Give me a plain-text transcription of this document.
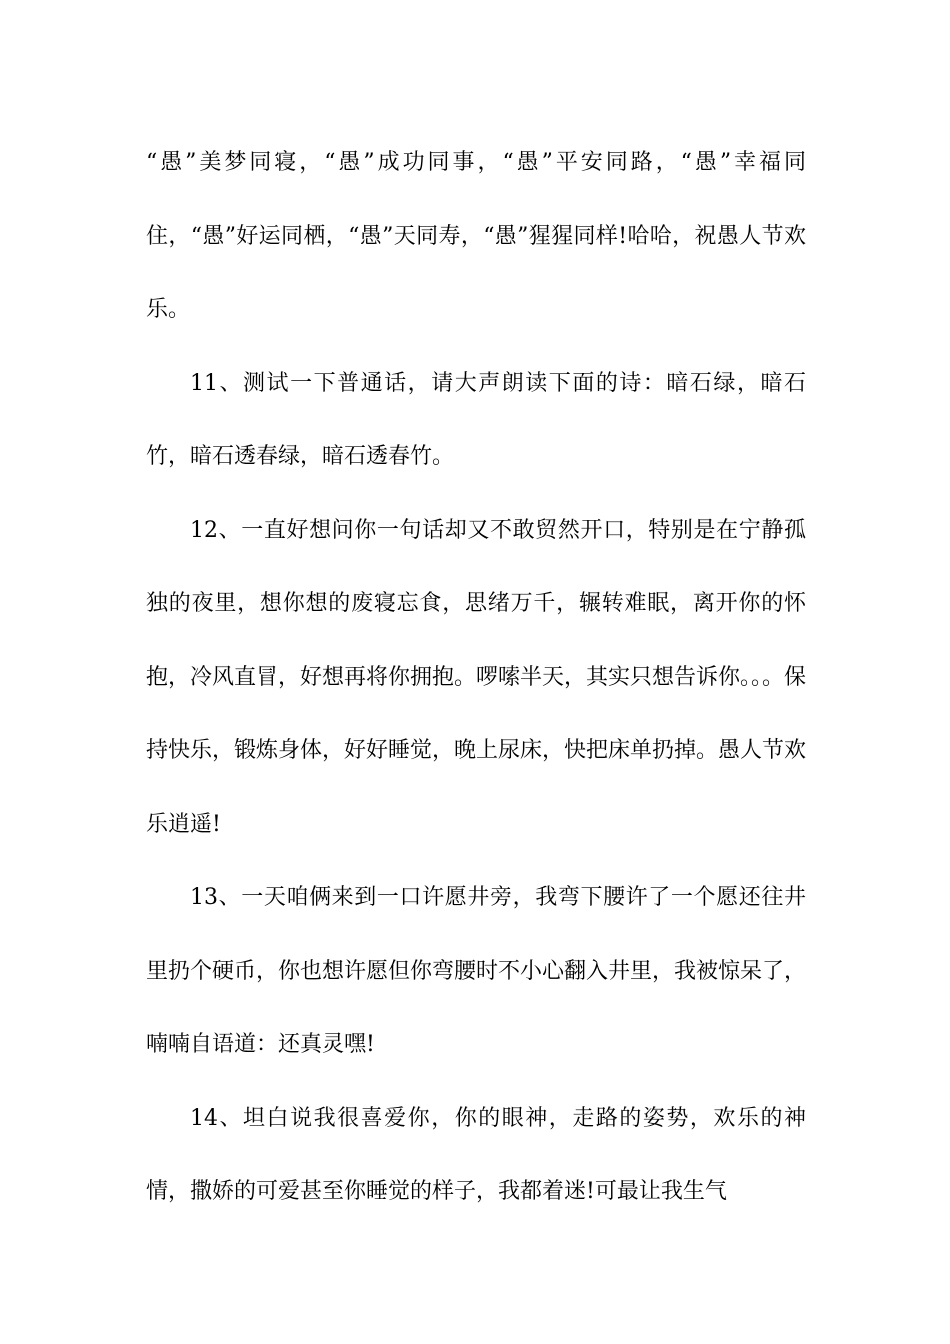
“愚”美梦同寝，“愚”成功同事，“愚”平安同路，“愚”幸福同住，“愚”好运同栖，“愚”天同寿，“愚”猩猩同样!哈哈，祝愚人节欢乐。

11、测试一下普通话，请大声朗读下面的诗：暗石绿，暗石竹，暗石透春绿，暗石透春竹。

12、一直好想问你一句话却又不敢贸然开口，特别是在宁静孤独的夜里，想你想的废寝忘食，思绪万千，辗转难眠，离开你的怀抱，冷风直冒，好想再将你拥抱。啰嗦半天，其实只想告诉你。。。保持快乐，锻炼身体，好好睡觉，晚上尿床，快把床单扔掉。愚人节欢乐逍遥!

13、一天咱俩来到一口许愿井旁，我弯下腰许了一个愿还往井里扔个硬币，你也想许愿但你弯腰时不小心翻入井里，我被惊呆了，喃喃自语道：还真灵嘿!

14、坦白说我很喜爱你，你的眼神，走路的姿势，欢乐的神情，撒娇的可爱甚至你睡觉的样子，我都着迷!可最让我生气
